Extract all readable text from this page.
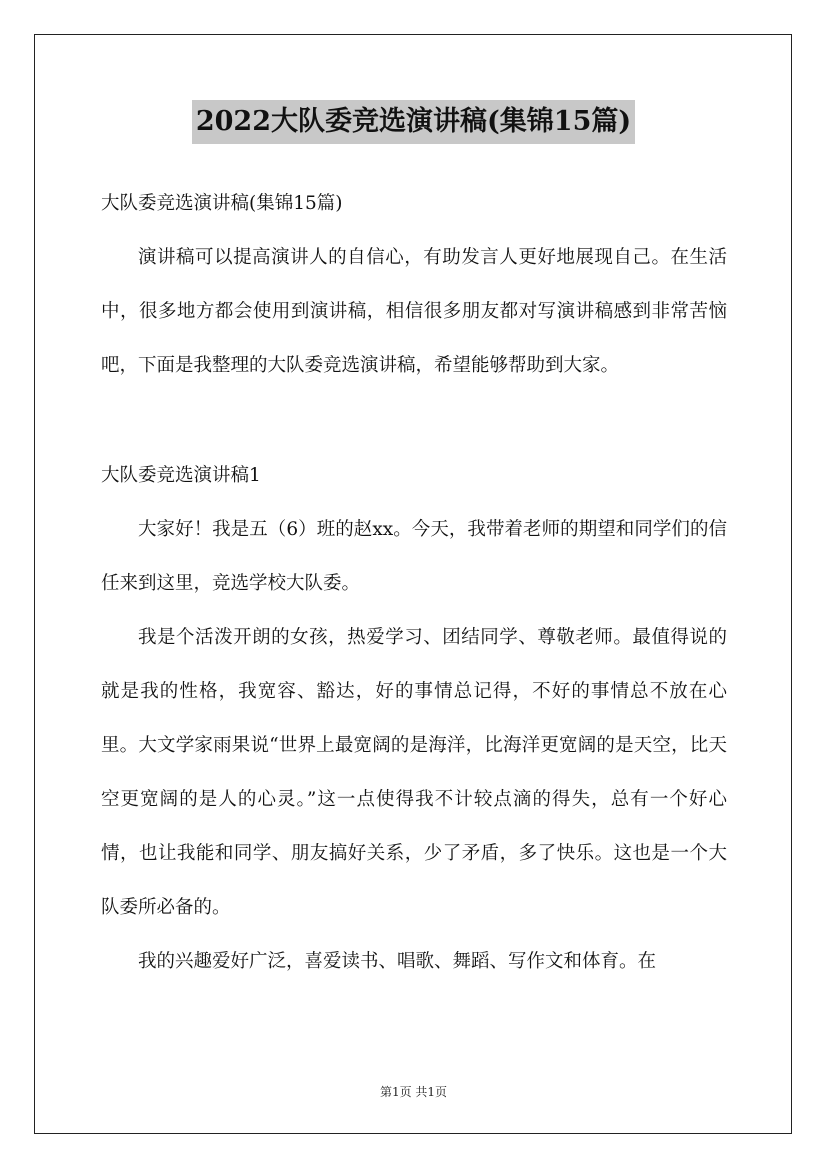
2022大队委竞选演讲稿(集锦15篇)

大队委竞选演讲稿(集锦15篇)

演讲稿可以提高演讲人的自信心，有助发言人更好地展现自己。在生活中，很多地方都会使用到演讲稿，相信很多朋友都对写演讲稿感到非常苦恼吧，下面是我整理的大队委竞选演讲稿，希望能够帮助到大家。

大队委竞选演讲稿1

大家好！我是五（6）班的赵xx。今天，我带着老师的期望和同学们的信任来到这里，竞选学校大队委。

我是个活泼开朗的女孩，热爱学习、团结同学、尊敬老师。最值得说的就是我的性格，我宽容、豁达，好的事情总记得，不好的事情总不放在心里。大文学家雨果说“世界上最宽阔的是海洋，比海洋更宽阔的是天空，比天空更宽阔的是人的心灵。”这一点使得我不计较点滴的得失，总有一个好心情，也让我能和同学、朋友搞好关系，少了矛盾，多了快乐。这也是一个大队委所必备的。

我的兴趣爱好广泛，喜爱读书、唱歌、舞蹈、写作文和体育。在

第1页 共1页
